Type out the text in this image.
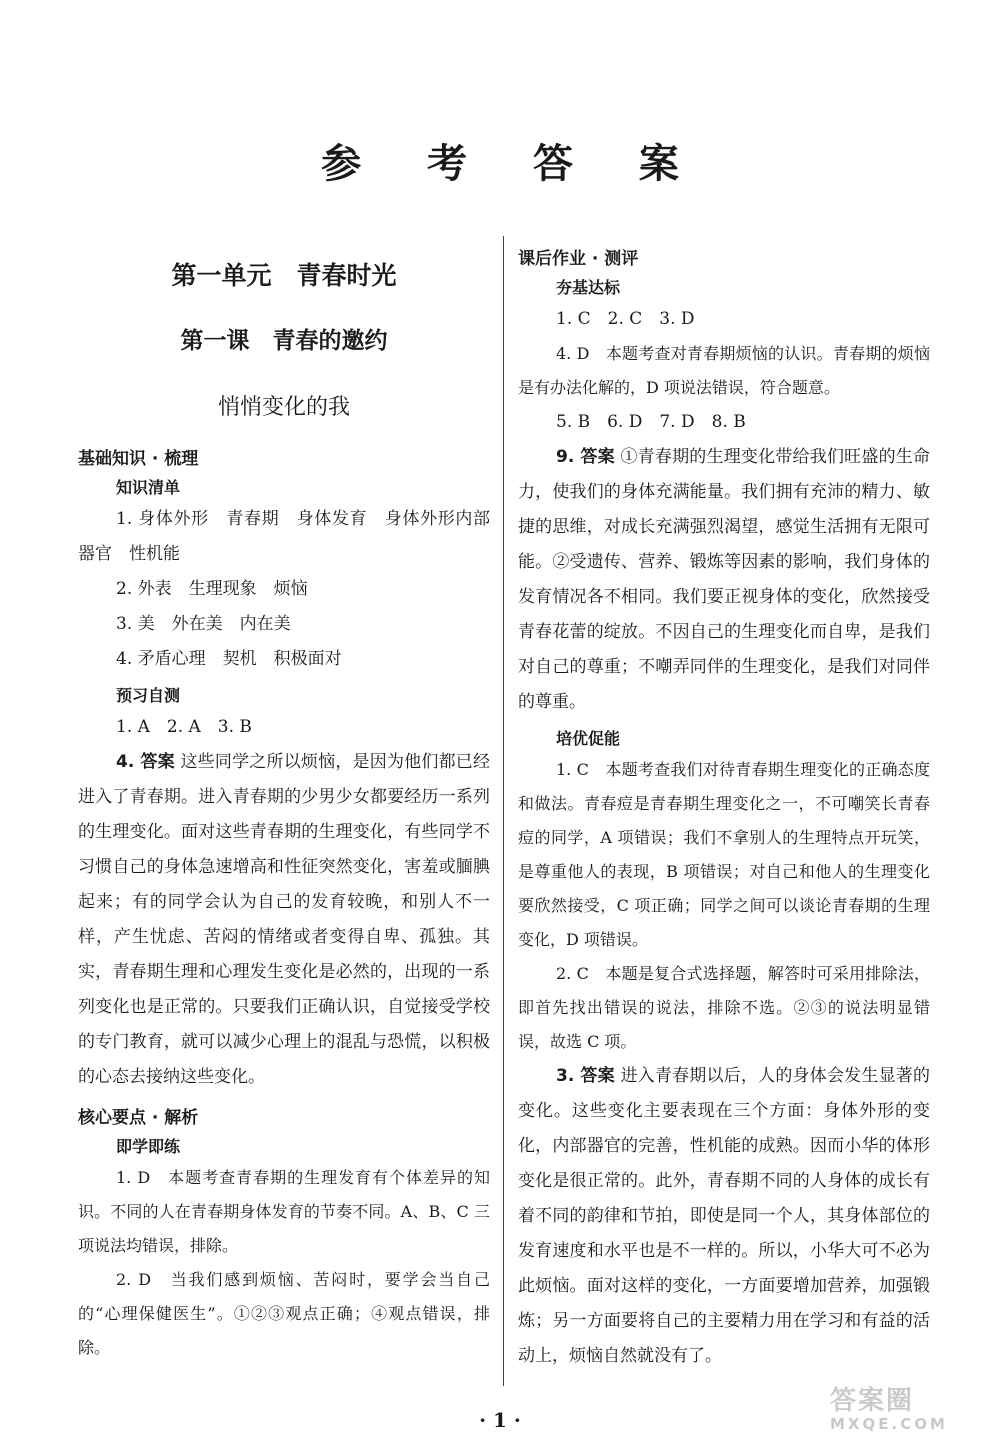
参 考 答 案
第一单元　青春时光
第一课　青春的邀约
悄悄变化的我
基础知识 · 梳理
知识清单

1. 身体外形　青春期　身体发育　身体外形内部器官　性机能

2. 外表　生理现象　烦恼

3. 美　外在美　内在美

4. 矛盾心理　契机　积极面对

预习自测

1. A　2. A　3. B

4. 答案 这些同学之所以烦恼，是因为他们都已经进入了青春期。进入青春期的少男少女都要经历一系列的生理变化。面对这些青春期的生理变化，有些同学不习惯自己的身体急速增高和性征突然变化，害羞或腼腆起来；有的同学会认为自己的发育较晚，和别人不一样，产生忧虑、苦闷的情绪或者变得自卑、孤独。其实，青春期生理和心理发生变化是必然的，出现的一系列变化也是正常的。只要我们正确认识，自觉接受学校的专门教育，就可以减少心理上的混乱与恐慌，以积极的心态去接纳这些变化。

核心要点 · 解析
即学即练

1. D　本题考查青春期的生理发育有个体差异的知识。不同的人在青春期身体发育的节奏不同。A、B、C 三项说法均错误，排除。

2. D　当我们感到烦恼、苦闷时，要学会当自己的“心理保健医生”。①②③观点正确；④观点错误，排除。

课后作业 · 测评
夯基达标

1. C　2. C　3. D

4. D　本题考查对青春期烦恼的认识。青春期的烦恼是有办法化解的，D 项说法错误，符合题意。

5. B　6. D　7. D　8. B

9. 答案 ①青春期的生理变化带给我们旺盛的生命力，使我们的身体充满能量。我们拥有充沛的精力、敏捷的思维，对成长充满强烈渴望，感觉生活拥有无限可能。②受遗传、营养、锻炼等因素的影响，我们身体的发育情况各不相同。我们要正视身体的变化，欣然接受青春花蕾的绽放。不因自己的生理变化而自卑，是我们对自己的尊重；不嘲弄同伴的生理变化，是我们对同伴的尊重。

培优促能

1. C　本题考查我们对待青春期生理变化的正确态度和做法。青春痘是青春期生理变化之一，不可嘲笑长青春痘的同学，A 项错误；我们不拿别人的生理特点开玩笑，是尊重他人的表现，B 项错误；对自己和他人的生理变化要欣然接受，C 项正确；同学之间可以谈论青春期的生理变化，D 项错误。

2. C　本题是复合式选择题，解答时可采用排除法，即首先找出错误的说法，排除不选。②③的说法明显错误，故选 C 项。

3. 答案 进入青春期以后，人的身体会发生显著的变化。这些变化主要表现在三个方面：身体外形的变化，内部器官的完善，性机能的成熟。因而小华的体形变化是很正常的。此外，青春期不同的人身体的成长有着不同的韵律和节拍，即使是同一个人，其身体部位的发育速度和水平也是不一样的。所以，小华大可不必为此烦恼。面对这样的变化，一方面要增加营养，加强锻炼；另一方面要将自己的主要精力用在学习和有益的活动上，烦恼自然就没有了。

· 1 ·
答案圈
MXQE.COM
